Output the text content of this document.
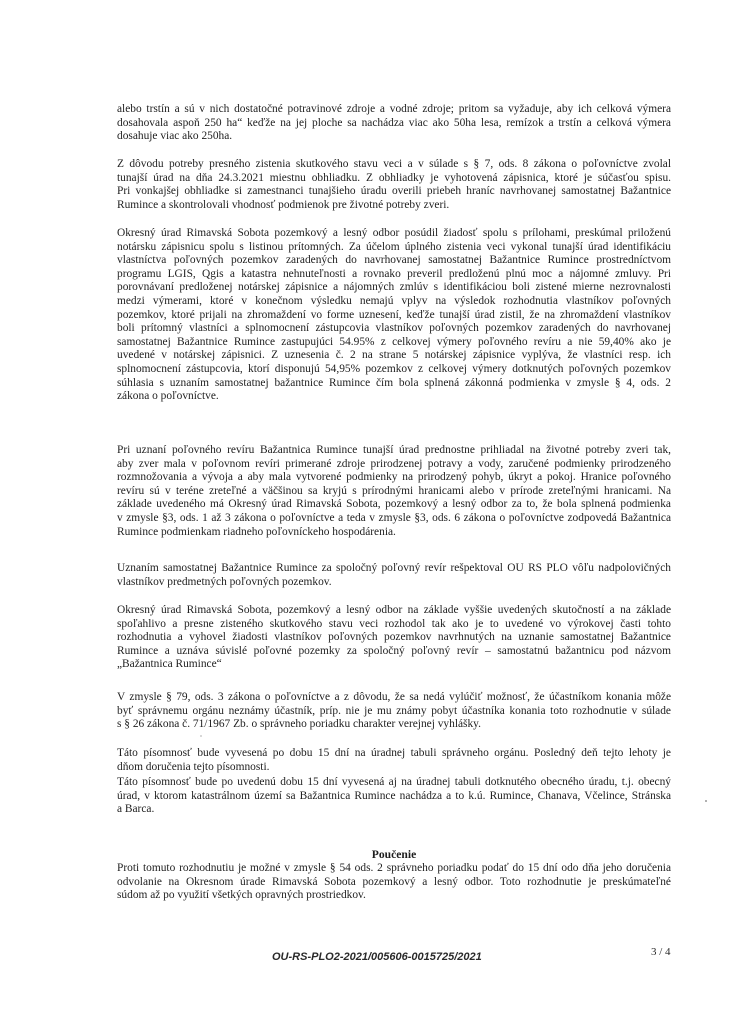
alebo trstín a sú v nich dostatočné potravinové zdroje a vodné zdroje; pritom sa vyžaduje, aby ich celková výmera
dosahovala aspoň 250 ha“ keďže na jej ploche sa nachádza viac ako 50ha lesa, remízok a trstín a celková výmera
dosahuje viac ako 250ha.
Z dôvodu potreby presného zistenia skutkového stavu veci a v súlade s § 7, ods. 8 zákona o poľovníctve zvolal
tunajší úrad na dňa 24.3.2021 miestnu obhliadku. Z obhliadky je vyhotovená zápisnica, ktoré je súčasťou spisu.
Pri vonkajšej obhliadke si zamestnanci tunajšieho úradu overili priebeh hraníc navrhovanej samostatnej Bažantnice
Rumince a skontrolovali vhodnosť podmienok pre životné potreby zveri.
Okresný úrad Rimavská Sobota pozemkový a lesný odbor posúdil žiadosť spolu s prílohami, preskúmal priloženú
notársku zápisnicu spolu s listinou prítomných. Za účelom úplného zistenia veci vykonal tunajší úrad identifikáciu
vlastníctva poľovných pozemkov zaradených do navrhovanej samostatnej Bažantnice Rumince prostredníctvom
programu LGIS, Qgis a katastra nehnuteľnosti a rovnako preveril predloženú plnú moc a nájomné zmluvy. Pri
porovnávaní predloženej notárskej zápisnice a nájomných zmlúv s identifikáciou boli zistené mierne nezrovnalosti
medzi výmerami, ktoré v konečnom výsledku nemajú vplyv na výsledok rozhodnutia vlastníkov poľovných
pozemkov, ktoré prijali na zhromaždení vo forme uznesení, keďže tunajší úrad zistil, že na zhromaždení vlastníkov
boli prítomný vlastníci a splnomocnení zástupcovia vlastníkov poľovných pozemkov zaradených do navrhovanej
samostatnej Bažantnice Rumince zastupujúci 54.95% z celkovej výmery poľovného revíru a nie 59,40% ako je
uvedené v notárskej zápisnici. Z uznesenia č. 2 na strane 5 notárskej zápisnice vyplýva, že vlastníci resp. ich
splnomocnení zástupcovia, ktorí disponujú 54,95% pozemkov z celkovej výmery dotknutých poľovných pozemkov
súhlasia s uznaním samostatnej bažantnice Rumince čím bola splnená zákonná podmienka v zmysle § 4, ods. 2
zákona o poľovníctve.
Pri uznaní poľovného revíru Bažantnica Rumince tunajší úrad prednostne prihliadal na životné potreby zveri tak,
aby zver mala v poľovnom revíri primerané zdroje prirodzenej potravy a vody, zaručené podmienky prirodzeného
rozmnožovania a vývoja a aby mala vytvorené podmienky na prirodzený pohyb, úkryt a pokoj. Hranice poľovného
revíru sú v teréne zreteľné a väčšinou sa kryjú s prírodnými hranicami alebo v prírode zreteľnými hranicami. Na
základe uvedeného má Okresný úrad Rimavská Sobota, pozemkový a lesný odbor za to, že bola splnená podmienka
v zmysle §3, ods. 1 až 3 zákona o poľovníctve a teda v zmysle §3, ods. 6 zákona o poľovníctve zodpovedá Bažantnica
Rumince podmienkam riadneho poľovníckeho hospodárenia.
Uznaním samostatnej Bažantnice Rumince za spoločný poľovný revír rešpektoval OU RS PLO vôľu nadpolovičných
vlastníkov predmetných poľovných pozemkov.
Okresný úrad Rimavská Sobota, pozemkový a lesný odbor na základe vyššie uvedených skutočností a na základe
spoľahlivo a presne zisteného skutkového stavu veci rozhodol tak ako je to uvedené vo výrokovej časti tohto
rozhodnutia a vyhovel žiadosti vlastníkov poľovných pozemkov navrhnutých na uznanie samostatnej Bažantnice
Rumince a uznáva súvislé poľovné pozemky za spoločný poľovný revír – samostatnú bažantnicu pod názvom
„Bažantnica Rumince“
V zmysle § 79, ods. 3 zákona o poľovníctve a z dôvodu, že sa nedá vylúčiť možnosť, že účastníkom konania môže
byť správnemu orgánu neznámy účastník, príp. nie je mu známy pobyt účastníka konania toto rozhodnutie v súlade
s § 26 zákona č. 71/1967 Zb. o správneho poriadku charakter verejnej vyhlášky.
Táto písomnosť bude vyvesená po dobu 15 dní na úradnej tabuli správneho orgánu. Posledný deň tejto lehoty je
dňom doručenia tejto písomnosti.
Táto písomnosť bude po uvedenú dobu 15 dní vyvesená aj na úradnej tabuli dotknutého obecného úradu, t.j. obecný
úrad, v ktorom katastrálnom území sa Bažantnica Rumince nachádza a to k.ú. Rumince, Chanava, Včelince, Stránska
a Barca.
Poučenie
Proti tomuto rozhodnutiu je možné v zmysle § 54 ods. 2 správneho poriadku podať do 15 dní odo dňa jeho doručenia
odvolanie na Okresnom úrade Rimavská Sobota pozemkový a lesný odbor. Toto rozhodnutie je preskúmateľné
súdom až po využití všetkých opravných prostriedkov.
OU-RS-PLO2-2021/005606-0015725/2021	3 / 4
